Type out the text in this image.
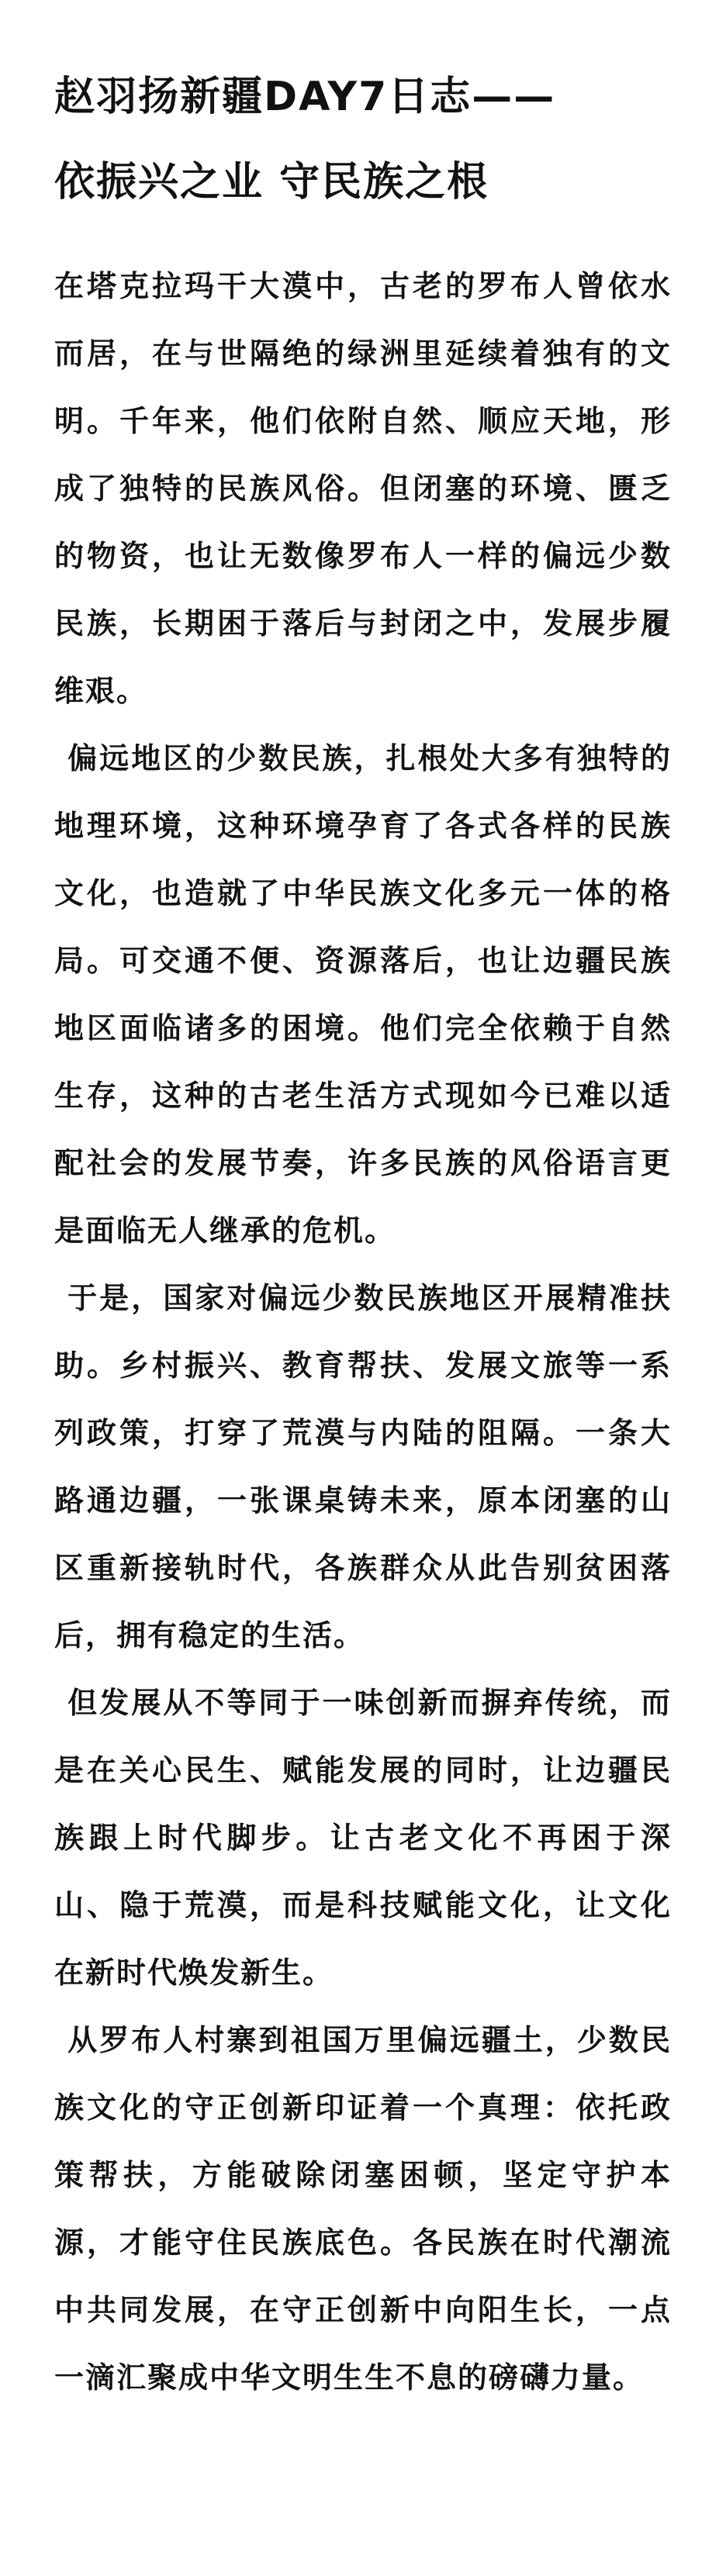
赵羽扬新疆DAY7日志——
依振兴之业 守民族之根

在塔克拉玛干大漠中，古老的罗布人曾依水而居，在与世隔绝的绿洲里延续着独有的文明。千年来，他们依附自然、顺应天地，形成了独特的民族风俗。但闭塞的环境、匮乏的物资，也让无数像罗布人一样的偏远少数民族，长期困于落后与封闭之中，发展步履维艰。

偏远地区的少数民族，扎根处大多有独特的地理环境，这种环境孕育了各式各样的民族文化，也造就了中华民族文化多元一体的格局。可交通不便、资源落后，也让边疆民族地区面临诸多的困境。他们完全依赖于自然生存，这种的古老生活方式现如今已难以适配社会的发展节奏，许多民族的风俗语言更是面临无人继承的危机。

于是，国家对偏远少数民族地区开展精准扶助。乡村振兴、教育帮扶、发展文旅等一系列政策，打穿了荒漠与内陆的阻隔。一条大路通边疆，一张课桌铸未来，原本闭塞的山区重新接轨时代，各族群众从此告别贫困落后，拥有稳定的生活。

但发展从不等同于一味创新而摒弃传统，而是在关心民生、赋能发展的同时，让边疆民族跟上时代脚步。让古老文化不再困于深山、隐于荒漠，而是科技赋能文化，让文化在新时代焕发新生。

从罗布人村寨到祖国万里偏远疆土，少数民族文化的守正创新印证着一个真理：依托政策帮扶，方能破除闭塞困顿，坚定守护本源，才能守住民族底色。各民族在时代潮流中共同发展，在守正创新中向阳生长，一点一滴汇聚成中华文明生生不息的磅礴力量。
